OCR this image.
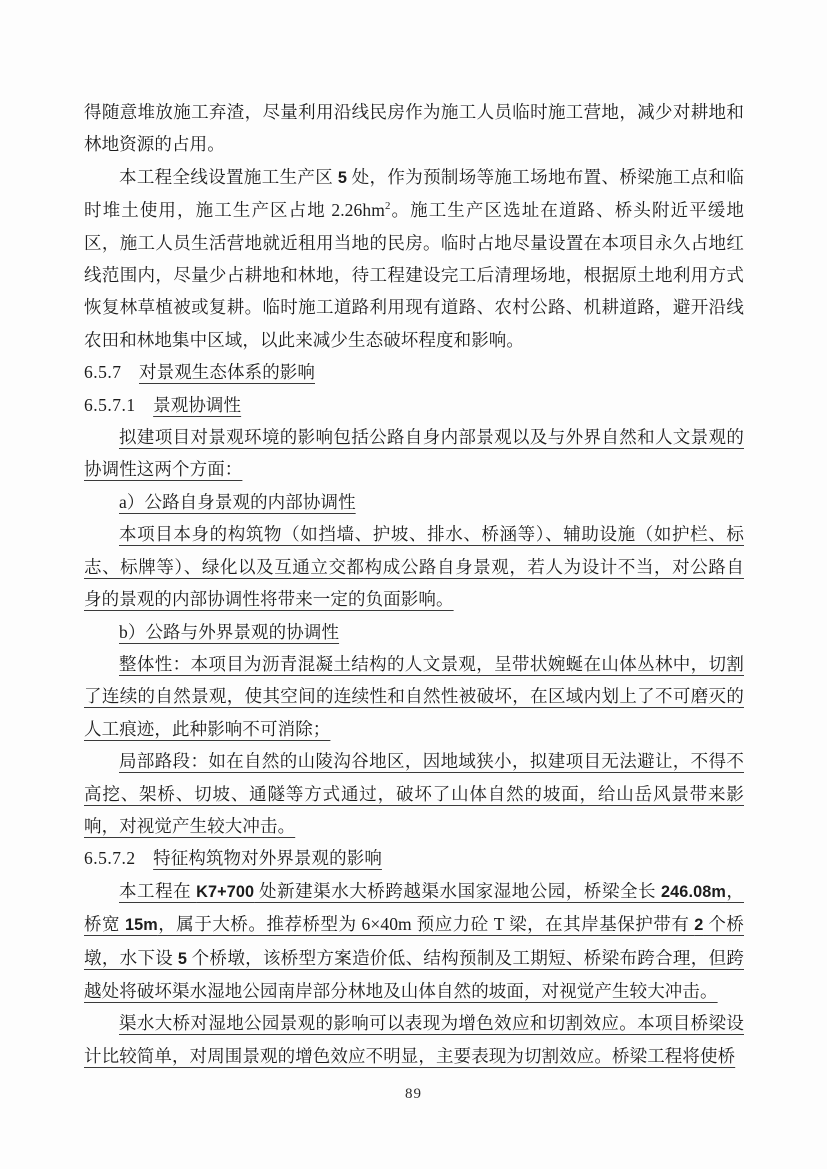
得随意堆放施工弃渣，尽量利用沿线民房作为施工人员临时施工营地，减少对耕地和林地资源的占用。

本工程全线设置施工生产区 5 处，作为预制场等施工场地布置、桥梁施工点和临时堆土使用，施工生产区占地 $2.26hm^2$。施工生产区选址在道路、桥头附近平缓地区，施工人员生活营地就近租用当地的民房。临时占地尽量设置在本项目永久占地红线范围内，尽量少占耕地和林地，待工程建设完工后清理场地，根据原土地利用方式恢复林草植被或复耕。临时施工道路利用现有道路、农村公路、机耕道路，避开沿线农田和林地集中区域，以此来减少生态破坏程度和影响。

6.5.7 对景观生态体系的影响

6.5.7.1 景观协调性

拟建项目对景观环境的影响包括公路自身内部景观以及与外界自然和人文景观的协调性这两个方面：

a）公路自身景观的内部协调性

本项目本身的构筑物（如挡墙、护坡、排水、桥涵等）、辅助设施（如护栏、标志、标牌等）、绿化以及互通立交都构成公路自身景观，若人为设计不当，对公路自身的景观的内部协调性将带来一定的负面影响。

b）公路与外界景观的协调性

整体性：本项目为沥青混凝土结构的人文景观，呈带状婉蜒在山体丛林中，切割了连续的自然景观，使其空间的连续性和自然性被破坏，在区域内划上了不可磨灭的人工痕迹，此种影响不可消除；

局部路段：如在自然的山陵沟谷地区，因地域狭小，拟建项目无法避让，不得不高挖、架桥、切坡、通隧等方式通过，破坏了山体自然的坡面，给山岳风景带来影响，对视觉产生较大冲击。

6.5.7.2 特征构筑物对外界景观的影响

本工程在 K7+700 处新建渠水大桥跨越渠水国家湿地公园，桥梁全长 246.08m，桥宽 15m，属于大桥。推荐桥型为 6×40m 预应力砼 T 梁，在其岸基保护带有 2 个桥墩，水下设 5 个桥墩，该桥型方案造价低、结构预制及工期短、桥梁布跨合理，但跨越处将破坏渠水湿地公园南岸部分林地及山体自然的坡面，对视觉产生较大冲击。

渠水大桥对湿地公园景观的影响可以表现为增色效应和切割效应。本项目桥梁设计比较简单，对周围景观的增色效应不明显，主要表现为切割效应。桥梁工程将使桥

89
